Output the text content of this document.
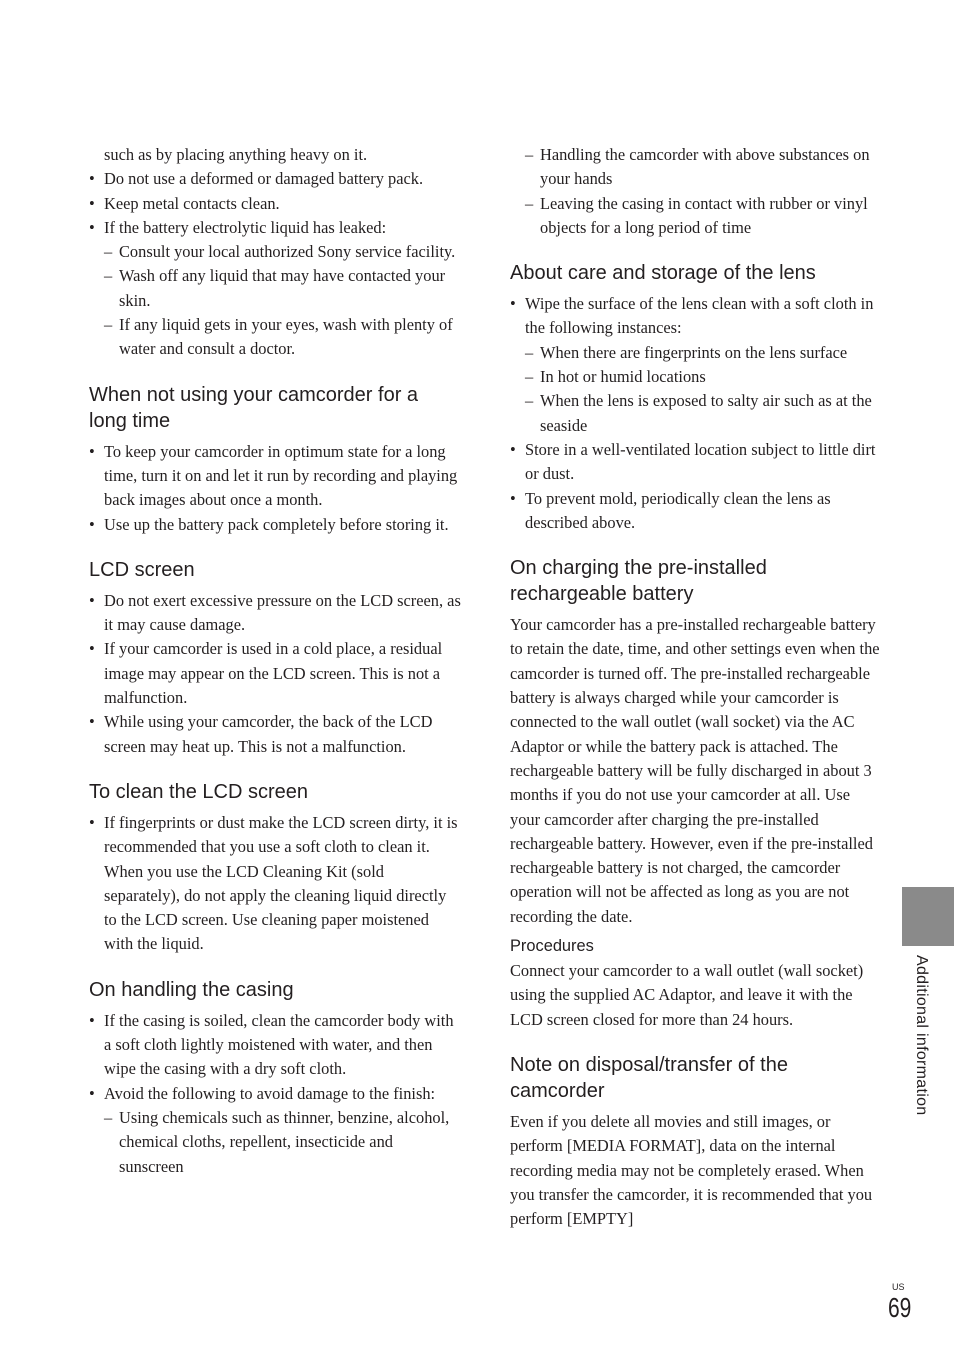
such as by placing anything heavy on it.

• Do not use a deformed or damaged battery pack.

• Keep metal contacts clean.

• If the battery electrolytic liquid has leaked:

– Consult your local authorized Sony service facility.

– Wash off any liquid that may have contacted your skin.

– If any liquid gets in your eyes, wash with plenty of water and consult a doctor.

When not using your camcorder for a long time

• To keep your camcorder in optimum state for a long time, turn it on and let it run by recording and playing back images about once a month.

• Use up the battery pack completely before storing it.

LCD screen

• Do not exert excessive pressure on the LCD screen, as it may cause damage.

• If your camcorder is used in a cold place, a residual image may appear on the LCD screen. This is not a malfunction.

• While using your camcorder, the back of the LCD screen may heat up. This is not a malfunction.

To clean the LCD screen

• If fingerprints or dust make the LCD screen dirty, it is recommended that you use a soft cloth to clean it. When you use the LCD Cleaning Kit (sold separately), do not apply the cleaning liquid directly to the LCD screen. Use cleaning paper moistened with the liquid.

On handling the casing

• If the casing is soiled, clean the camcorder body with a soft cloth lightly moistened with water, and then wipe the casing with a dry soft cloth.

• Avoid the following to avoid damage to the finish:

– Using chemicals such as thinner, benzine, alcohol, chemical cloths, repellent, insecticide and sunscreen

– Handling the camcorder with above substances on your hands

– Leaving the casing in contact with rubber or vinyl objects for a long period of time

About care and storage of the lens

• Wipe the surface of the lens clean with a soft cloth in the following instances:

– When there are fingerprints on the lens surface

– In hot or humid locations

– When the lens is exposed to salty air such as at the seaside

• Store in a well-ventilated location subject to little dirt or dust.

• To prevent mold, periodically clean the lens as described above.

On charging the pre-installed rechargeable battery

Your camcorder has a pre-installed rechargeable battery to retain the date, time, and other settings even when the camcorder is turned off. The pre-installed rechargeable battery is always charged while your camcorder is connected to the wall outlet (wall socket) via the AC Adaptor or while the battery pack is attached. The rechargeable battery will be fully discharged in about 3 months if you do not use your camcorder at all. Use your camcorder after charging the pre-installed rechargeable battery. However, even if the pre-installed rechargeable battery is not charged, the camcorder operation will not be affected as long as you are not recording the date.

Procedures

Connect your camcorder to a wall outlet (wall socket) using the supplied AC Adaptor, and leave it with the LCD screen closed for more than 24 hours.

Note on disposal/transfer of the camcorder

Even if you delete all movies and still images, or perform [MEDIA FORMAT], data on the internal recording media may not be completely erased. When you transfer the camcorder, it is recommended that you perform [EMPTY]

Additional information
US
69
